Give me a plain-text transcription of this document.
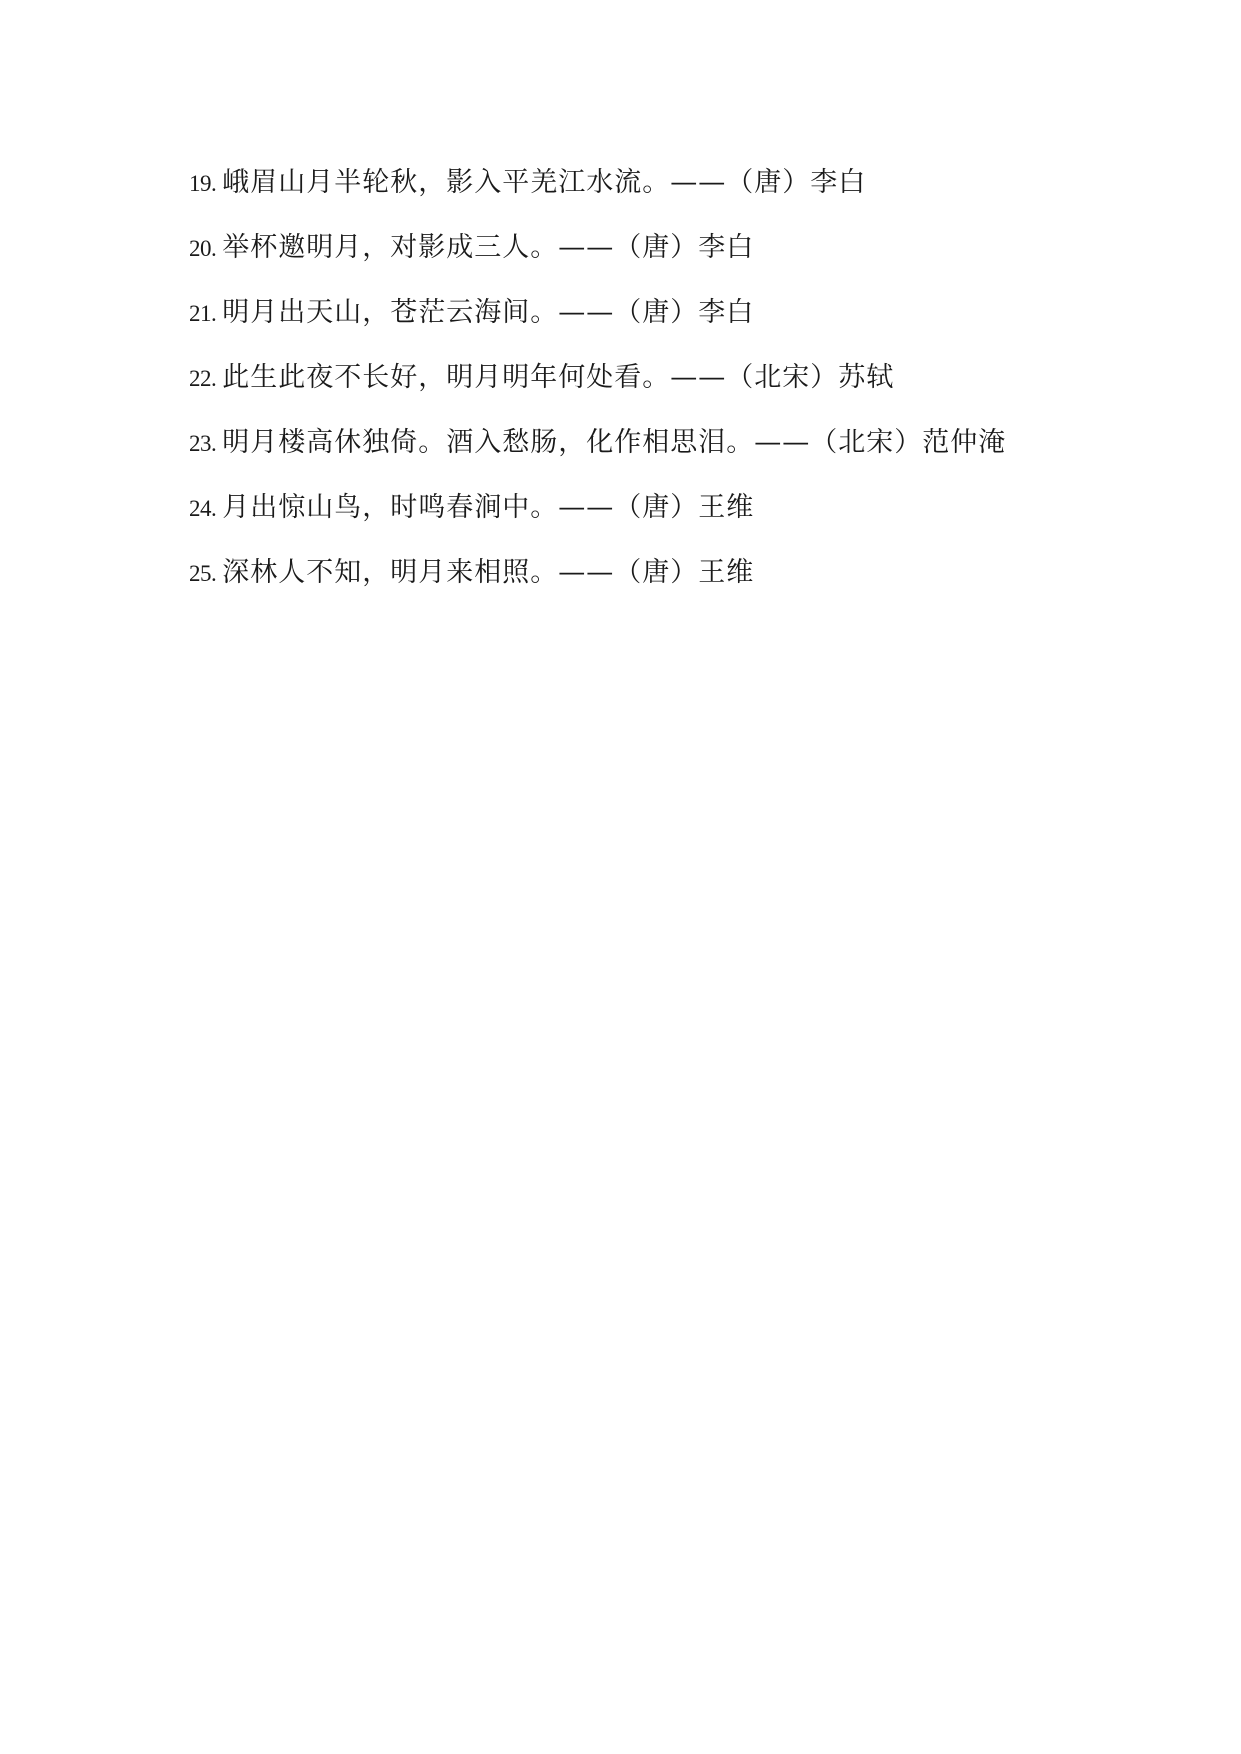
19. 峨眉山月半轮秋，影入平羌江水流。——（唐）李白
20. 举杯邀明月，对影成三人。——（唐）李白
21. 明月出天山，苍茫云海间。——（唐）李白
22. 此生此夜不长好，明月明年何处看。——（北宋）苏轼
23. 明月楼高休独倚。酒入愁肠，化作相思泪。——（北宋）范仲淹
24. 月出惊山鸟，时鸣春涧中。——（唐）王维
25. 深林人不知，明月来相照。——（唐）王维
